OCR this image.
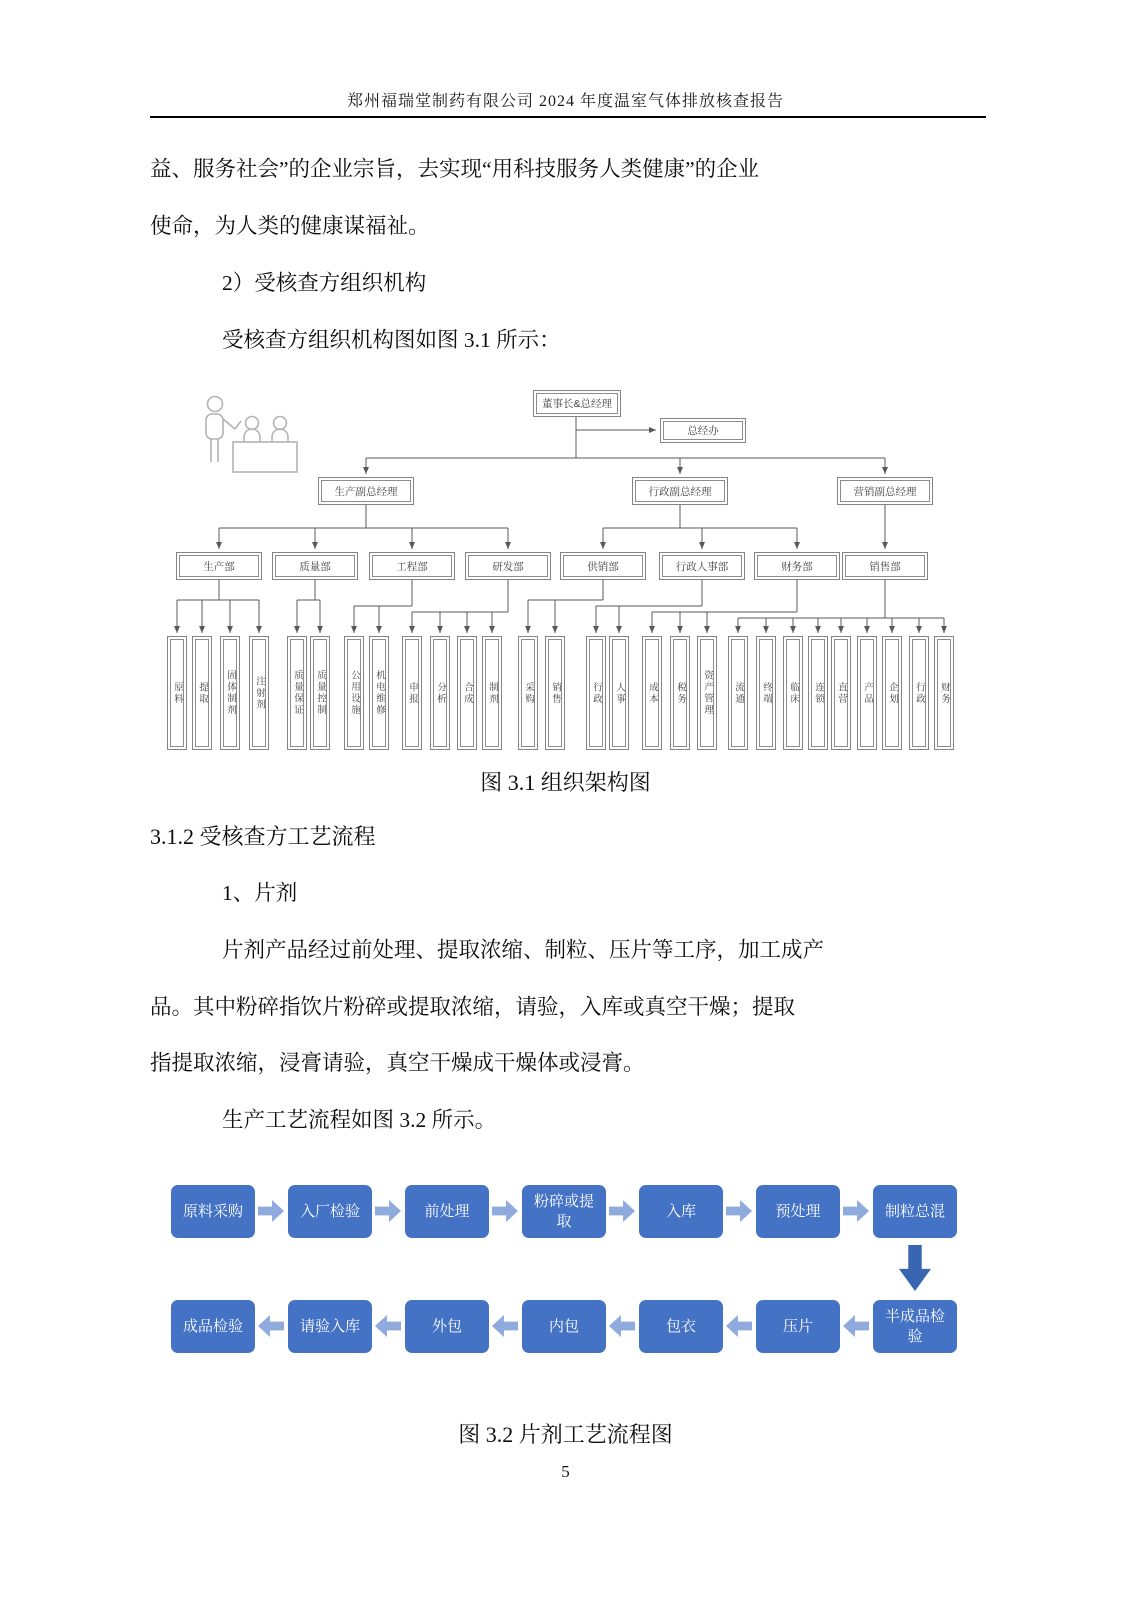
郑州福瑞堂制药有限公司 2024 年度温室气体排放核查报告
益、服务社会”的企业宗旨，去实现“用科技服务人类健康”的企业
使命，为人类的健康谋福祉。
2）受核查方组织机构
受核查方组织机构图如图 3.1 所示：
董事长&总经理
总经办
生产副总经理	行政副总经理	营销副总经理
生产部	质量部	工程部	研发部	供销部	行政人事部	财务部	销售部
原料	提取	固体制剂	注射剂	质量保证	质量控制	公用设施	机电维修	申报	分析	合成	制剂	采购	销售	行政	人事	成本	税务	资产管理	流通	终端	临床	连锁	直营	产品	企划	行政	财务
图 3.1 组织架构图
3.1.2 受核查方工艺流程
1、片剂
片剂产品经过前处理、提取浓缩、制粒、压片等工序，加工成产
品。其中粉碎指饮片粉碎或提取浓缩，请验，入库或真空干燥；提取
指提取浓缩，浸膏请验，真空干燥成干燥体或浸膏。
生产工艺流程如图 3.2 所示。
原料采购	入厂检验	前处理
粉碎或提取
入库	预处理	制粒总混
成品检验	请验入库	外包	内包	包衣	压片
半成品检验
图 3.2 片剂工艺流程图
5
